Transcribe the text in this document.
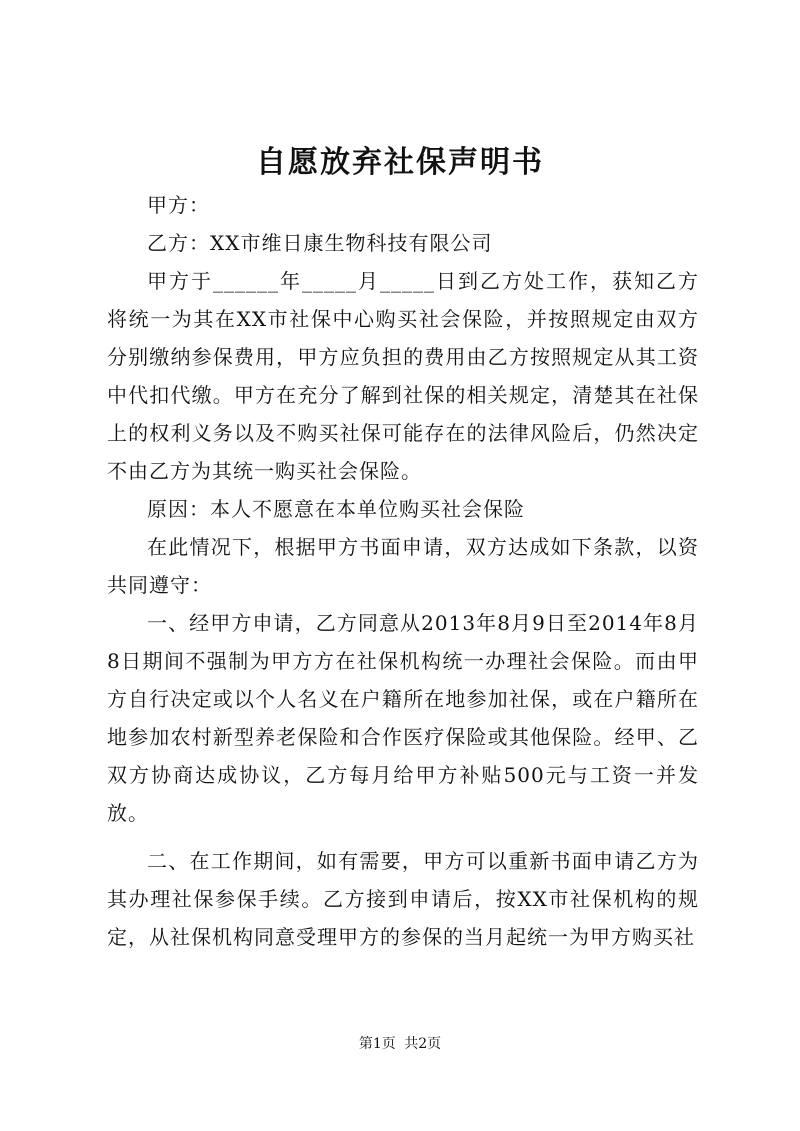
自愿放弃社保声明书

甲方：

乙方：XX市维日康生物科技有限公司

甲方于______年_____月_____日到乙方处工作，获知乙方将统一为其在XX市社保中心购买社会保险，并按照规定由双方分别缴纳参保费用，甲方应负担的费用由乙方按照规定从其工资中代扣代缴。甲方在充分了解到社保的相关规定，清楚其在社保上的权利义务以及不购买社保可能存在的法律风险后，仍然决定不由乙方为其统一购买社会保险。

原因：本人不愿意在本单位购买社会保险

在此情况下，根据甲方书面申请，双方达成如下条款，以资共同遵守：

一、经甲方申请，乙方同意从2013年8月9日至2014年8月8日期间不强制为甲方方在社保机构统一办理社会保险。而由甲方自行决定或以个人名义在户籍所在地参加社保，或在户籍所在地参加农村新型养老保险和合作医疗保险或其他保险。经甲、乙双方协商达成协议，乙方每月给甲方补贴500元与工资一并发放。

二、在工作期间，如有需要，甲方可以重新书面申请乙方为其办理社保参保手续。乙方接到申请后，按XX市社保机构的规定，从社保机构同意受理甲方的参保的当月起统一为甲方购买社

第1页 共2页
